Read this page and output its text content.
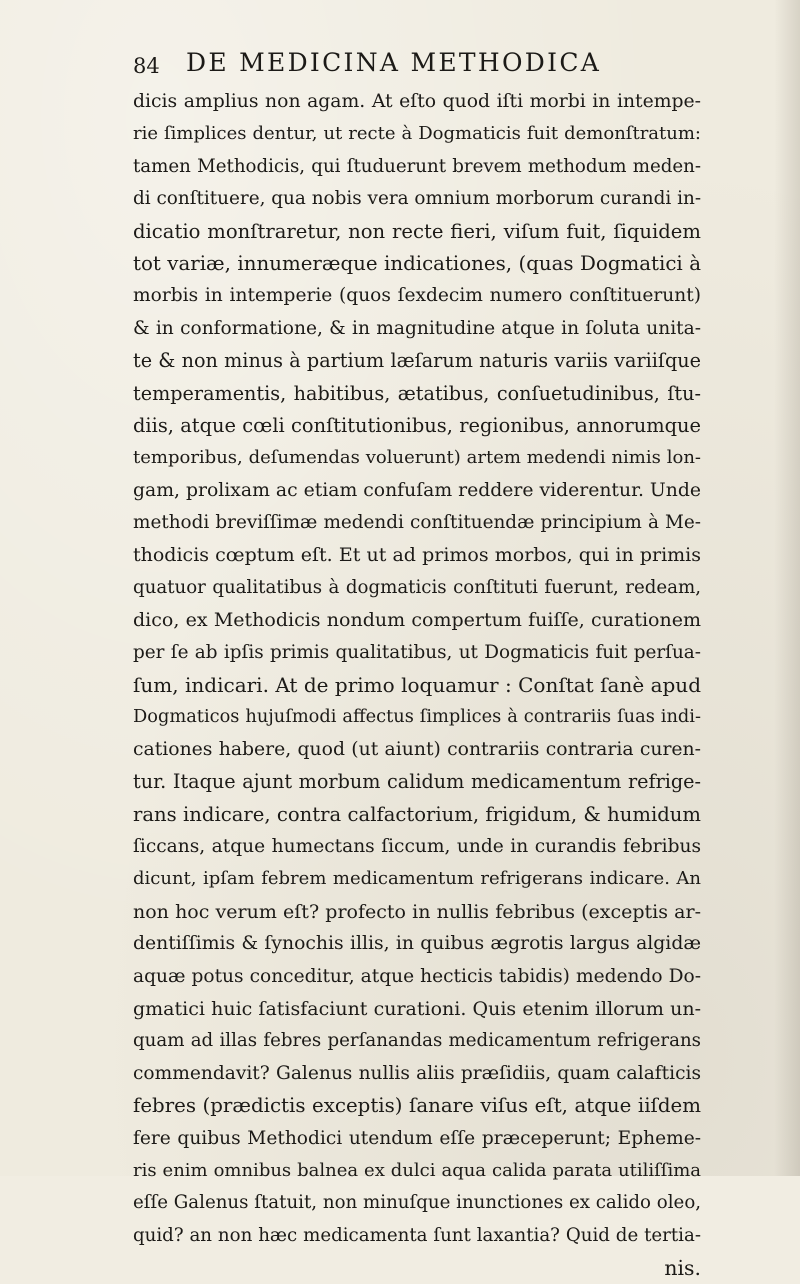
84 DE MEDICINA METHODICA
dicis amplius non agam. At eſto quod iſti morbi in intempe-
rie ſimplices dentur, ut recte à Dogmaticis fuit demonſtratum:
tamen Methodicis, qui ſtuduerunt brevem methodum meden-
di conſtituere, qua nobis vera omnium morborum curandi in-
dicatio monſtraretur, non recte fieri, viſum fuit, ſiquidem
tot variæ, innumeræque indicationes, (quas Dogmatici à
morbis in intemperie (quos ſexdecim numero conſtituerunt)
& in conformatione, & in magnitudine atque in ſoluta unita-
te & non minus à partium læſarum naturis variis variiſque
temperamentis, habitibus, ætatibus, conſuetudinibus, ſtu-
diis, atque cœli conſtitutionibus, regionibus, annorumque
temporibus, deſumendas voluerunt) artem medendi nimis lon-
gam, prolixam ac etiam confuſam reddere viderentur. Unde
methodi breviſſimæ medendi conſtituendæ principium à Me-
thodicis cœptum eſt. Et ut ad primos morbos, qui in primis
quatuor qualitatibus à dogmaticis conſtituti fuerunt, redeam,
dico, ex Methodicis nondum compertum fuiſſe, curationem
per ſe ab ipſis primis qualitatibus, ut Dogmaticis fuit perſua-
ſum, indicari. At de primo loquamur : Conſtat ſanè apud
Dogmaticos hujuſmodi affectus ſimplices à contrariis ſuas indi-
cationes habere, quod (ut aiunt) contrariis contraria curen-
tur. Itaque ajunt morbum calidum medicamentum refrige-
rans indicare, contra calfactorium, frigidum, & humidum
ſiccans, atque humectans ſiccum, unde in curandis febribus
dicunt, ipſam febrem medicamentum refrigerans indicare. An
non hoc verum eſt? profecto in nullis febribus (exceptis ar-
dentiſſimis & ſynochis illis, in quibus ægrotis largus algidæ
aquæ potus conceditur, atque hecticis tabidis) medendo Do-
gmatici huic ſatisfaciunt curationi. Quis etenim illorum un-
quam ad illas febres perſanandas medicamentum refrigerans
commendavit? Galenus nullis aliis præſidiis, quam calafticis
febres (prædictis exceptis) ſanare viſus eſt, atque iiſdem
fere quibus Methodici utendum eſſe præceperunt; Epheme-
ris enim omnibus balnea ex dulci aqua calida parata utiliſſima
eſſe Galenus ſtatuit, non minuſque inunctiones ex calido oleo,
quid? an non hæc medicamenta ſunt laxantia? Quid de tertia-
nis.
